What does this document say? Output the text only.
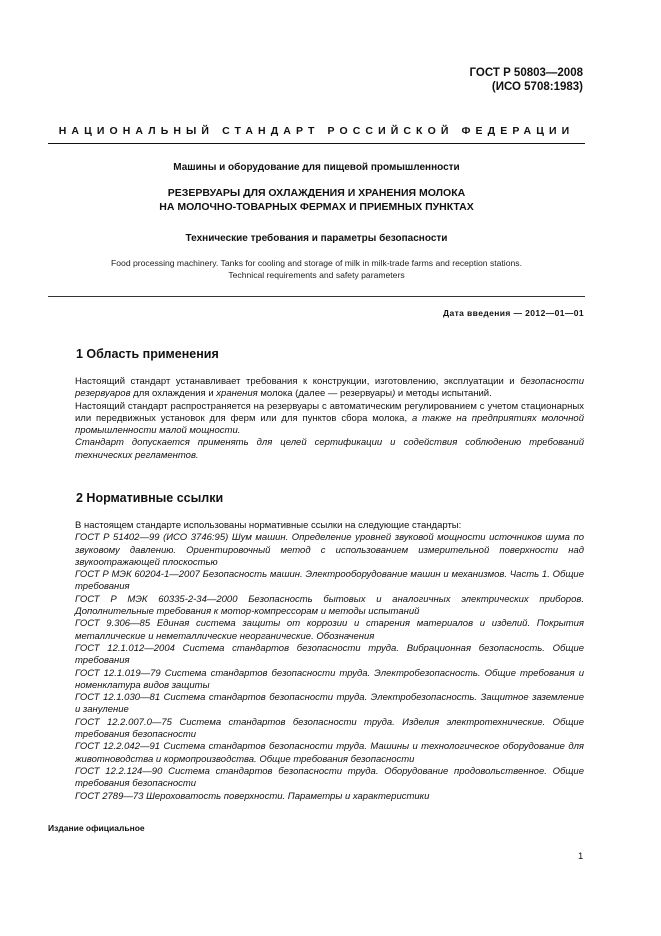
ГОСТ Р 50803—2008
(ИСО 5708:1983)
НАЦИОНАЛЬНЫЙ СТАНДАРТ РОССИЙСКОЙ ФЕДЕРАЦИИ
Машины и оборудование для пищевой промышленности
РЕЗЕРВУАРЫ ДЛЯ ОХЛАЖДЕНИЯ И ХРАНЕНИЯ МОЛОКА
НА МОЛОЧНО-ТОВАРНЫХ ФЕРМАХ И ПРИЕМНЫХ ПУНКТАХ
Технические требования и параметры безопасности
Food processing machinery. Tanks for cooling and storage of milk in milk-trade farms and reception stations.
Technical requirements and safety parameters
Дата введения — 2012—01—01
1 Область применения

Настоящий стандарт устанавливает требования к конструкции, изготовлению, эксплуатации и безопасности резервуаров для охлаждения и хранения молока (далее — резервуары) и методы испытаний.

Настоящий стандарт распространяется на резервуары с автоматическим регулированием с учетом стационарных или передвижных установок для ферм или для пунктов сбора молока, а также на предприятиях молочной промышленности малой мощности.

Стандарт допускается применять для целей сертификации и содействия соблюдению требований технических регламентов.

2 Нормативные ссылки

В настоящем стандарте использованы нормативные ссылки на следующие стандарты:

ГОСТ Р 51402—99 (ИСО 3746:95) Шум машин. Определение уровней звуковой мощности источников шума по звуковому давлению. Ориентировочный метод с использованием измерительной поверхности над звукоотражающей плоскостью

ГОСТ Р МЭК 60204-1—2007 Безопасность машин. Электрооборудование машин и механизмов. Часть 1. Общие требования

ГОСТ Р МЭК 60335-2-34—2000 Безопасность бытовых и аналогичных электрических приборов. Дополнительные требования к мотор-компрессорам и методы испытаний

ГОСТ 9.306—85 Единая система защиты от коррозии и старения материалов и изделий. Покрытия металлические и неметаллические неорганические. Обозначения

ГОСТ 12.1.012—2004 Система стандартов безопасности труда. Вибрационная безопасность. Общие требования

ГОСТ 12.1.019—79 Система стандартов безопасности труда. Электробезопасность. Общие требования и номенклатура видов защиты

ГОСТ 12.1.030—81 Система стандартов безопасности труда. Электробезопасность. Защитное заземление и зануление

ГОСТ 12.2.007.0—75 Система стандартов безопасности труда. Изделия электротехнические. Общие требования безопасности

ГОСТ 12.2.042—91 Система стандартов безопасности труда. Машины и технологическое оборудование для животноводства и кормопроизводства. Общие требования безопасности

ГОСТ 12.2.124—90 Система стандартов безопасности труда. Оборудование продовольственное. Общие требования безопасности

ГОСТ 2789—73 Шероховатость поверхности. Параметры и характеристики

Издание официальное
1
